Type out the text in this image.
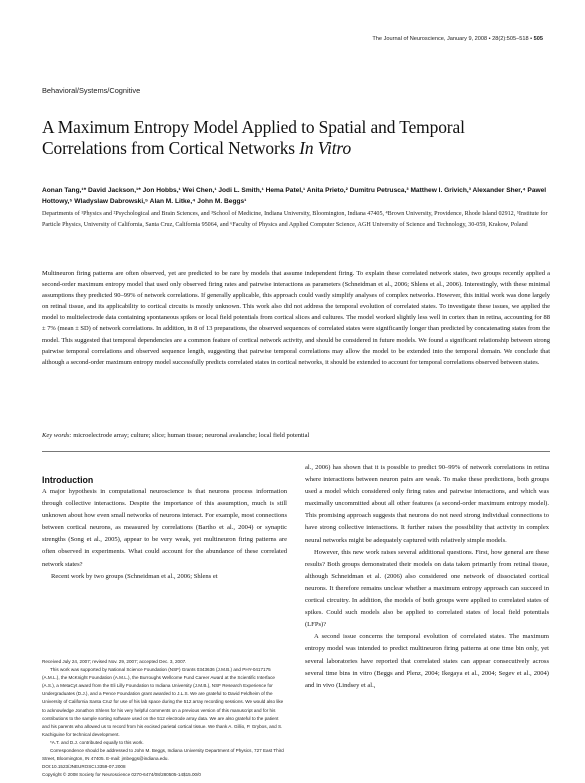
The Journal of Neuroscience, January 9, 2008 • 28(2):505–518 • 505
Behavioral/Systems/Cognitive
A Maximum Entropy Model Applied to Spatial and Temporal Correlations from Cortical Networks In Vitro
Aonan Tang,¹* David Jackson,¹* Jon Hobbs,¹ Wei Chen,¹ Jodi L. Smith,¹ Hema Patel,¹ Anita Prieto,² Dumitru Petrusca,³ Matthew I. Grivich,³ Alexander Sher,⁴ Pawel Hottowy,⁵ Wladyslaw Dabrowski,⁵ Alan M. Litke,⁴ John M. Beggs¹
Departments of ¹Physics and ²Psychological and Brain Sciences, and ³School of Medicine, Indiana University, Bloomington, Indiana 47405, ⁴Brown University, Providence, Rhode Island 02912, ⁵Institute for Particle Physics, University of California, Santa Cruz, California 95064, and ⁶Faculty of Physics and Applied Computer Science, AGH University of Science and Technology, 30-059, Krakow, Poland
Multineuron firing patterns are often observed, yet are predicted to be rare by models that assume independent firing. To explain these correlated network states, two groups recently applied a second-order maximum entropy model that used only observed firing rates and pairwise interactions as parameters (Schneidman et al., 2006; Shlens et al., 2006). Interestingly, with these minimal assumptions they predicted 90–99% of network correlations. If generally applicable, this approach could vastly simplify analyses of complex networks. However, this initial work was done largely on retinal tissue, and its applicability to cortical circuits is mostly unknown. This work also did not address the temporal evolution of correlated states. To investigate these issues, we applied the model to multielectrode data containing spontaneous spikes or local field potentials from cortical slices and cultures. The model worked slightly less well in cortex than in retina, accounting for 88 ± 7% (mean ± SD) of network correlations. In addition, in 8 of 13 preparations, the observed sequences of correlated states were significantly longer than predicted by concatenating states from the model. This suggested that temporal dependencies are a common feature of cortical network activity, and should be considered in future models. We found a significant relationship between strong pairwise temporal correlations and observed sequence length, suggesting that pairwise temporal correlations may allow the model to be extended into the temporal domain. We conclude that although a second-order maximum entropy model successfully predicts correlated states in cortical networks, it should be extended to account for temporal correlations observed between states.
Key words: microelectrode array; culture; slice; human tissue; neuronal avalanche; local field potential
Introduction

A major hypothesis in computational neuroscience is that neurons process information through collective interactions. Despite the importance of this assumption, much is still unknown about how even small networks of neurons interact. For example, most connections between cortical neurons, as measured by correlations (Bartho et al., 2004) or synaptic strengths (Song et al., 2005), appear to be very weak, yet multineuron firing patterns are often observed in experiments. What could account for the abundance of these correlated network states?

Recent work by two groups (Schneidman et al., 2006; Shlens et

al., 2006) has shown that it is possible to predict 90–99% of network correlations in retina where interactions between neuron pairs are weak. To make these predictions, both groups used a model which considered only firing rates and pairwise interactions, and which was maximally uncommitted about all other features (a second-order maximum entropy model). This promising approach suggests that neurons do not need strong individual connections to have strong collective interactions. It further raises the possibility that activity in complex neural networks might be adequately captured with relatively simple models.

However, this new work raises several additional questions. First, how general are these results? Both groups demonstrated their models on data taken primarily from retinal tissue, although Schneidman et al. (2006) also considered one network of dissociated cortical neurons. It therefore remains unclear whether a maximum entropy approach can succeed in cortical circuitry. In addition, the models of both groups were applied to correlated states of spikes. Could such models also be applied to correlated states of local field potentials (LFPs)?

A second issue concerns the temporal evolution of correlated states. The maximum entropy model was intended to predict multineuron firing patterns at one time bin only, yet several laboratories have reported that correlated states can appear consecutively across several time bins in vitro (Beggs and Plenz, 2004; Ikegaya et al., 2004; Segev et al., 2004) and in vivo (Lindsey et al.,

Received July 24, 2007; revised Nov. 29, 2007; accepted Dec. 3, 2007.

This work was supported by National Science Foundation (NSF) Grants 0343636 (J.M.B.) and PHY-0417175 (A.M.L.), the McKnight Foundation (A.M.L.), the Burroughs Wellcome Fund Career Award at the Scientific Interface (A.S.), a MetaCyt award from the Eli Lilly Foundation to Indiana University (J.M.B.), NSF Research Experience for Undergraduates (D.J.), and a Pence Foundation grant awarded to J.L.S. We are grateful to David Feldheim of the University of California Santa Cruz for use of his lab space during the 512 array recording sessions. We would also like to acknowledge Jonathon Shlens for his very helpful comments on a previous version of this manuscript and for his contributions to the sample sorting software used on the 512 electrode array data. We are also grateful to the patient and his parents who allowed us to record from his excised parietal cortical tissue. We thank A. Gillio, P. Grybos, and S. Kachiguine for technical development.

*A.T. and D.J. contributed equally to this work.

Correspondence should be addressed to John M. Beggs, Indiana University Department of Physics, 727 East Third Street, Bloomington, IN 47405. E-mail: jmbeggs@indiana.edu.

DOI:10.1523/JNEUROSCI.3359-07.2008

Copyright © 2008 Society for Neuroscience 0270-6474/08/280505-14$15.00/0
